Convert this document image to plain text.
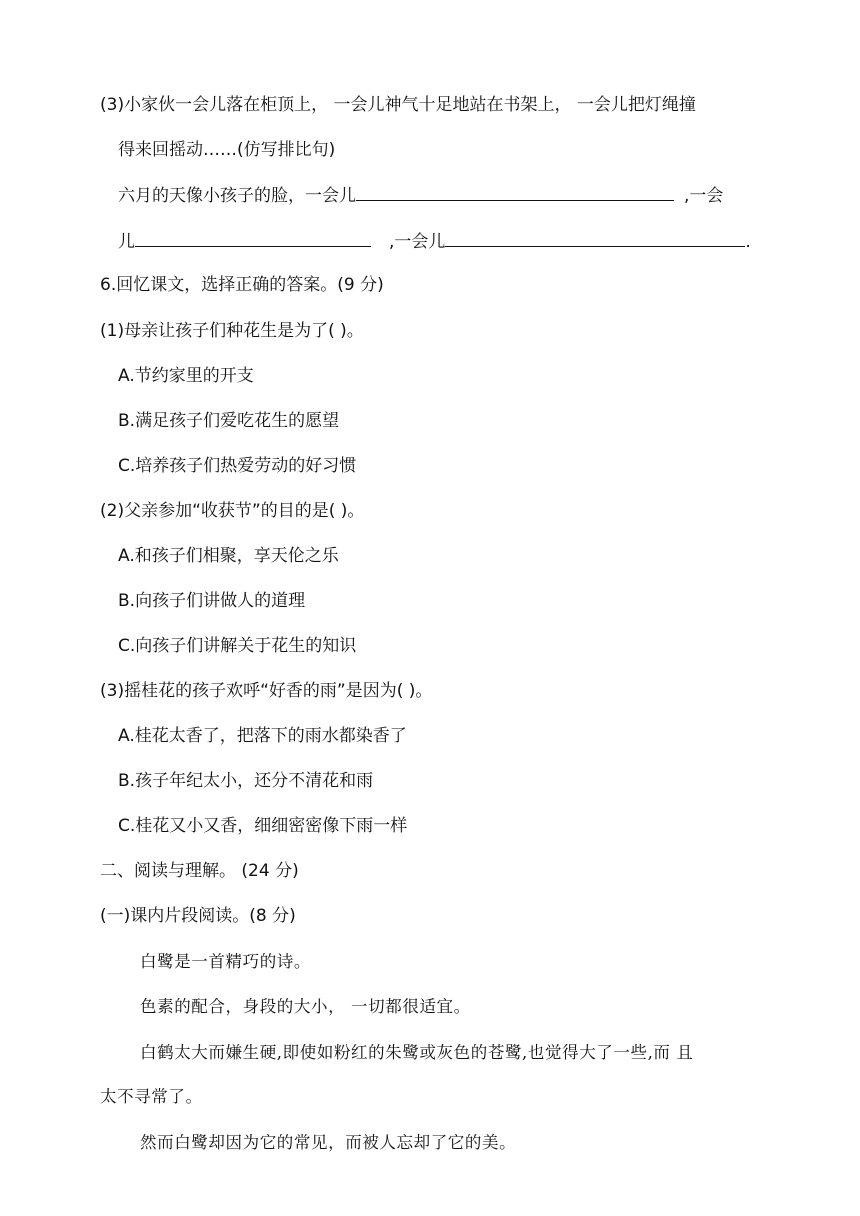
(3)小家伙一会儿落在柜顶上， 一会儿神气十足地站在书架上， 一会儿把灯绳撞
得来回摇动……(仿写排比句)
六月的天像小孩子的脸，一会儿	,一会
儿	,一会儿	.
6.回忆课文，选择正确的答案。(9 分)
(1)母亲让孩子们种花生是为了( )。
A.节约家里的开支
B.满足孩子们爱吃花生的愿望
C.培养孩子们热爱劳动的好习惯
(2)父亲参加“收获节”的目的是( )。
A.和孩子们相聚，享天伦之乐
B.向孩子们讲做人的道理
C.向孩子们讲解关于花生的知识
(3)摇桂花的孩子欢呼“好香的雨”是因为( )。
A.桂花太香了，把落下的雨水都染香了
B.孩子年纪太小，还分不清花和雨
C.桂花又小又香，细细密密像下雨一样
二、阅读与理解。 (24 分)
(一)课内片段阅读。(8 分)
白鹭是一首精巧的诗。
色素的配合，身段的大小， 一切都很适宜。
白鹤太大而嫌生硬,即使如粉红的朱鹭或灰色的苍鹭,也觉得大了一些,而 且
太不寻常了。
然而白鹭却因为它的常见，而被人忘却了它的美。
